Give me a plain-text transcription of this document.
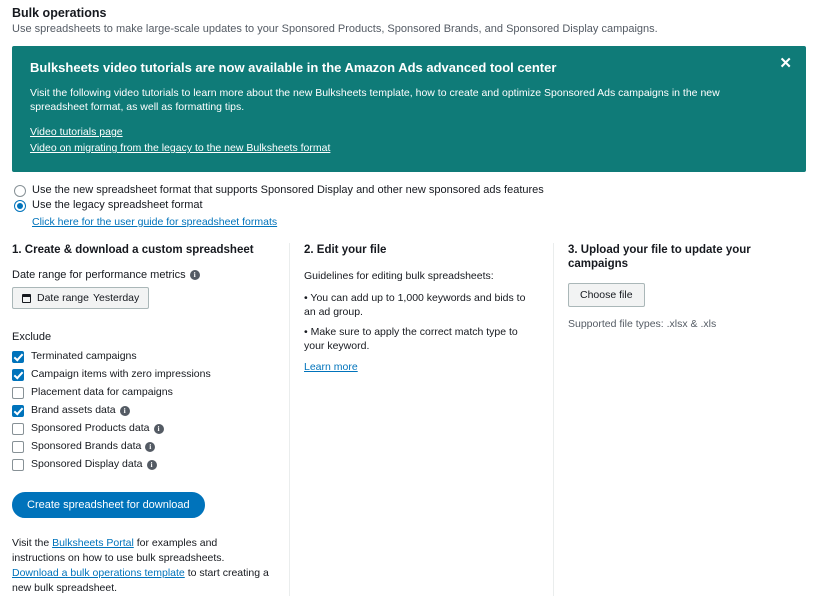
Bulk operations
Use spreadsheets to make large-scale updates to your Sponsored Products, Sponsored Brands, and Sponsored Display campaigns.
✕
Bulksheets video tutorials are now available in the Amazon Ads advanced tool center
Visit the following video tutorials to learn more about the new Bulksheets template, how to create and optimize Sponsored Ads campaigns in the new spreadsheet format, as well as formatting tips.
Video tutorials page
Video on migrating from the legacy to the new Bulksheets format
Use the new spreadsheet format that supports Sponsored Display and other new sponsored ads features
Use the legacy spreadsheet format
Click here for the user guide for spreadsheet formats
1. Create & download a custom spreadsheet
Date range for performance metrics	i
Date range Yesterday
Exclude
Terminated campaigns
Campaign items with zero impressions
Placement data for campaigns
Brand assets data	i
Sponsored Products data	i
Sponsored Brands data	i
Sponsored Display data	i
Create spreadsheet for download
Visit the Bulksheets Portal for examples and instructions on how to use bulk spreadsheets. Download a bulk operations template to start creating a new bulk spreadsheet.
2. Edit your file
Guidelines for editing bulk spreadsheets:
• You can add up to 1,000 keywords and bids to an ad group.
• Make sure to apply the correct match type to your keyword.
Learn more
3. Upload your file to update your campaigns
Choose file
Supported file types: .xlsx & .xls
